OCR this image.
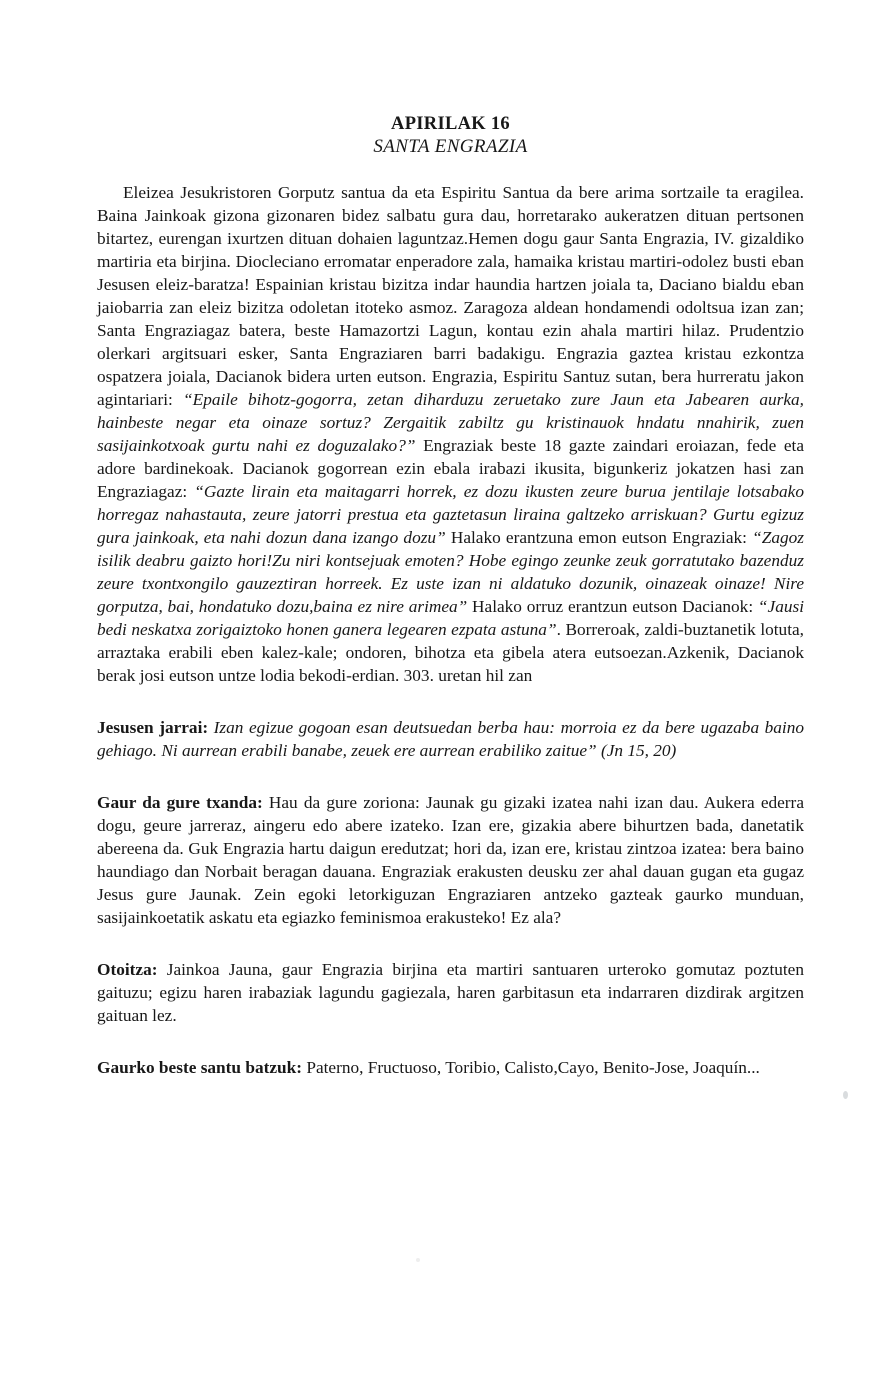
APIRILAK 16
SANTA ENGRAZIA

Eleizea Jesukristoren Gorputz santua da eta Espiritu Santua da bere arima sortzaile ta eragilea. Baina Jainkoak gizona gizonaren bidez salbatu gura dau, horretarako aukeratzen dituan pertsonen bitartez, eurengan ixurtzen dituan dohaien laguntzaz.Hemen dogu gaur Santa Engrazia, IV. gizaldiko martiria eta birjina. Diocleciano erromatar enperadore zala, hamaika kristau martiri-odolez busti eban Jesusen eleiz-baratza! Espainian kristau bizitza indar haundia hartzen joiala ta, Daciano bialdu eban jaiobarria zan eleiz bizitza odoletan itoteko asmoz. Zaragoza aldean hondamendi odoltsua izan zan; Santa Engraziagaz batera, beste Hamazortzi Lagun, kontau ezin ahala martiri hilaz. Prudentzio olerkari argitsuari esker, Santa Engraziaren barri badakigu. Engrazia gaztea kristau ezkontza ospatzera joiala, Dacianok bidera urten eutson. Engrazia, Espiritu Santuz sutan, bera hurreratu jakon agintariari: “Epaile bihotz-gogorra, zetan diharduzu zeruetako zure Jaun eta Jabearen aurka, hainbeste negar eta oinaze sortuz? Zergaitik zabiltz gu kristinauok hndatu nnahirik, zuen sasijainkotxoak gurtu nahi ez doguzalako?” Engraziak beste 18 gazte zaindari eroiazan, fede eta adore bardinekoak. Dacianok gogorrean ezin ebala irabazi ikusita, bigunkeriz jokatzen hasi zan Engraziagaz: “Gazte lirain eta maitagarri horrek, ez dozu ikusten zeure burua jentilaje lotsabako horregaz nahastauta, zeure jatorri prestua eta gaztetasun liraina galtzeko arriskuan? Gurtu egizuz gura jainkoak, eta nahi dozun dana izango dozu” Halako erantzuna emon eutson Engraziak: “Zagoz isilik deabru gaizto hori!Zu niri kontsejuak emoten? Hobe egingo zeunke zeuk gorratutako bazenduz zeure txontxongilo gauzeztiran horreek. Ez uste izan ni aldatuko dozunik, oinazeak oinaze! Nire gorputza, bai, hondatuko dozu,baina ez nire arimea” Halako orruz erantzun eutson Dacianok: “Jausi bedi neskatxa zorigaiztoko honen ganera legearen ezpata astuna”. Borreroak, zaldi-buztanetik lotuta, arraztaka erabili eben kalez-kale; ondoren, bihotza eta gibela atera eutsoezan.Azkenik, Dacianok berak josi eutson untze lodia bekodi-erdian. 303. uretan hil zan

Jesusen jarrai: Izan egizue gogoan esan deutsuedan berba hau: morroia ez da bere ugazaba baino gehiago. Ni aurrean erabili banabe, zeuek ere aurrean erabiliko zaitue” (Jn 15, 20)

Gaur da gure txanda: Hau da gure zoriona: Jaunak gu gizaki izatea nahi izan dau. Aukera ederra dogu, geure jarreraz, aingeru edo abere izateko. Izan ere, gizakia abere bihurtzen bada, danetatik abereena da. Guk Engrazia hartu daigun eredutzat; hori da, izan ere, kristau zintzoa izatea: bera baino haundiago dan Norbait beragan dauana. Engraziak erakusten deusku zer ahal dauan gugan eta gugaz Jesus gure Jaunak. Zein egoki letorkiguzan Engraziaren antzeko gazteak gaurko munduan, sasijainkoetatik askatu eta egiazko feminismoa erakusteko! Ez ala?

Otoitza: Jainkoa Jauna, gaur Engrazia birjina eta martiri santuaren urteroko gomutaz poztuten gaituzu; egizu haren irabaziak lagundu gagiezala, haren garbitasun eta indarraren dizdirak argitzen gaituan lez.

Gaurko beste santu batzuk: Paterno, Fructuoso, Toribio, Calisto,Cayo, Benito-Jose, Joaquín...
